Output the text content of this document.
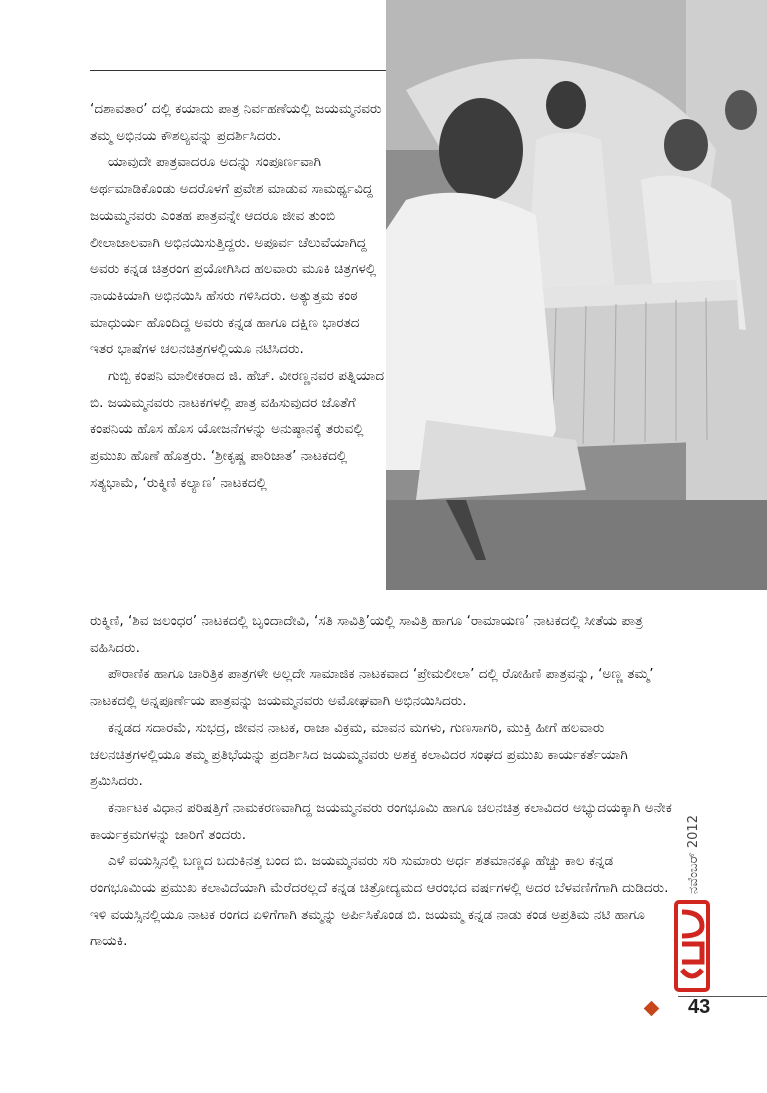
‘ದಶಾವತಾರ’ ದಲ್ಲಿ ಕಯಾದು ಪಾತ್ರ ನಿರ್ವಹಣೆಯಲ್ಲಿ ಜಯಮ್ಮನವರು ತಮ್ಮ ಅಭಿನಯ ಕೌಶಲ್ಯವನ್ನು ಪ್ರದರ್ಶಿಸಿದರು.

ಯಾವುದೇ ಪಾತ್ರವಾದರೂ ಅದನ್ನು ಸಂಪೂರ್ಣವಾಗಿ ಅರ್ಥಮಾಡಿಕೊಂಡು ಅದರೊಳಗೆ ಪ್ರವೇಶ ಮಾಡುವ ಸಾಮರ್ಥ್ಯವಿದ್ದ ಜಯಮ್ಮನವರು ಎಂತಹ ಪಾತ್ರವನ್ನೇ ಆದರೂ ಜೀವ ತುಂಬಿ ಲೀಲಾಜಾಲವಾಗಿ ಅಭಿನಯಿಸುತ್ತಿದ್ದರು. ಅಪೂರ್ವ ಚೆಲುವೆಯಾಗಿದ್ದ ಅವರು ಕನ್ನಡ ಚಿತ್ರರಂಗ ಪ್ರಯೋಗಿಸಿದ ಹಲವಾರು ಮೂಕಿ ಚಿತ್ರಗಳಲ್ಲಿ ನಾಯಕಿಯಾಗಿ ಅಭಿನಯಿಸಿ ಹೆಸರು ಗಳಿಸಿದರು. ಅತ್ಯುತ್ತಮ ಕಂಠ ಮಾಧುರ್ಯ ಹೊಂದಿದ್ದ ಅವರು ಕನ್ನಡ ಹಾಗೂ ದಕ್ಷಿಣ ಭಾರತದ ಇತರ ಭಾಷೆಗಳ ಚಲನಚಿತ್ರಗಳಲ್ಲಿಯೂ ನಟಿಸಿದರು.

ಗುಬ್ಬಿ ಕಂಪನಿ ಮಾಲೀಕರಾದ ಜಿ. ಹೆಚ್. ವೀರಣ್ಣನವರ ಪತ್ನಿಯಾದ ಬಿ. ಜಯಮ್ಮನವರು ನಾಟಕಗಳಲ್ಲಿ ಪಾತ್ರ ವಹಿಸುವುದರ ಜೊತೆಗೆ ಕಂಪನಿಯ ಹೊಸ ಹೊಸ ಯೋಜನೆಗಳನ್ನು ಅನುಷ್ಠಾನಕ್ಕೆ ತರುವಲ್ಲಿ ಪ್ರಮುಖ ಹೊಣೆ ಹೊತ್ತರು. ‘ಶ್ರೀಕೃಷ್ಣ ಪಾರಿಜಾತ’ ನಾಟಕದಲ್ಲಿ ಸತ್ಯಭಾಮೆ, ‘ರುಕ್ಮಿಣಿ ಕಲ್ಯಾಣ’ ನಾಟಕದಲ್ಲಿ

ರುಕ್ಮಿಣಿ, ‘ಶಿವ ಜಲಂಧರ’ ನಾಟಕದಲ್ಲಿ ಬೃಂದಾದೇವಿ, ‘ಸತಿ ಸಾವಿತ್ರಿ’ಯಲ್ಲಿ ಸಾವಿತ್ರಿ ಹಾಗೂ ‘ರಾಮಾಯಣ’ ನಾಟಕದಲ್ಲಿ ಸೀತೆಯ ಪಾತ್ರ ವಹಿಸಿದರು.

ಪೌರಾಣಿಕ ಹಾಗೂ ಚಾರಿತ್ರಿಕ ಪಾತ್ರಗಳೇ ಅಲ್ಲದೇ ಸಾಮಾಜಿಕ ನಾಟಕವಾದ ‘ಪ್ರೇಮಲೀಲಾ’ ದಲ್ಲಿ ರೋಹಿಣಿ ಪಾತ್ರವನ್ನು, ‘ಅಣ್ಣ ತಮ್ಮ’ ನಾಟಕದಲ್ಲಿ ಅನ್ನಪೂರ್ಣೆಯ ಪಾತ್ರವನ್ನು ಜಯಮ್ಮನವರು ಅಮೋಘವಾಗಿ ಅಭಿನಯಿಸಿದರು.

ಕನ್ನಡದ ಸದಾರಮೆ, ಸುಭದ್ರ, ಜೀವನ ನಾಟಕ, ರಾಜಾ ವಿಕ್ರಮ, ಮಾವನ ಮಗಳು, ಗುಣಸಾಗರಿ, ಮುಕ್ತಿ ಹೀಗೆ ಹಲವಾರು ಚಲನಚಿತ್ರಗಳಲ್ಲಿಯೂ ತಮ್ಮ ಪ್ರತಿಭೆಯನ್ನು ಪ್ರದರ್ಶಿಸಿದ ಜಯಮ್ಮನವರು ಅಶಕ್ತ ಕಲಾವಿದರ ಸಂಘದ ಪ್ರಮುಖ ಕಾರ್ಯಕರ್ತೆಯಾಗಿ ಶ್ರಮಿಸಿದರು.

ಕರ್ನಾಟಕ ವಿಧಾನ ಪರಿಷತ್ತಿಗೆ ನಾಮಕರಣವಾಗಿದ್ದ ಜಯಮ್ಮನವರು ರಂಗಭೂಮಿ ಹಾಗೂ ಚಲನಚಿತ್ರ ಕಲಾವಿದರ ಅಭ್ಯುದಯಕ್ಕಾಗಿ ಅನೇಕ ಕಾರ್ಯಕ್ರಮಗಳನ್ನು ಜಾರಿಗೆ ತಂದರು.

ಎಳೆ ವಯಸ್ಸಿನಲ್ಲಿ ಬಣ್ಣದ ಬದುಕಿನತ್ತ ಬಂದ ಬಿ. ಜಯಮ್ಮನವರು ಸರಿ ಸುಮಾರು ಅರ್ಧ ಶತಮಾನಕ್ಕೂ ಹೆಚ್ಚು ಕಾಲ ಕನ್ನಡ ರಂಗಭೂಮಿಯ ಪ್ರಮುಖ ಕಲಾವಿದೆಯಾಗಿ ಮೆರೆದರಲ್ಲದೆ ಕನ್ನಡ ಚಿತ್ರೋದ್ಯಮದ ಆರಂಭದ ವರ್ಷಗಳಲ್ಲಿ ಅದರ ಬೆಳವಣಿಗೆಗಾಗಿ ದುಡಿದರು. ಇಳಿ ವಯಸ್ಸಿನಲ್ಲಿಯೂ ನಾಟಕ ರಂಗದ ಏಳಿಗೆಗಾಗಿ ತಮ್ಮನ್ನು ಅರ್ಪಿಸಿಕೊಂಡ ಬಿ. ಜಯಮ್ಮ ಕನ್ನಡ ನಾಡು ಕಂಡ ಅಪ್ರತಿಮ ನಟಿ ಹಾಗೂ ಗಾಯಕಿ.

ನವೆಂಬರ್ 2012
43
